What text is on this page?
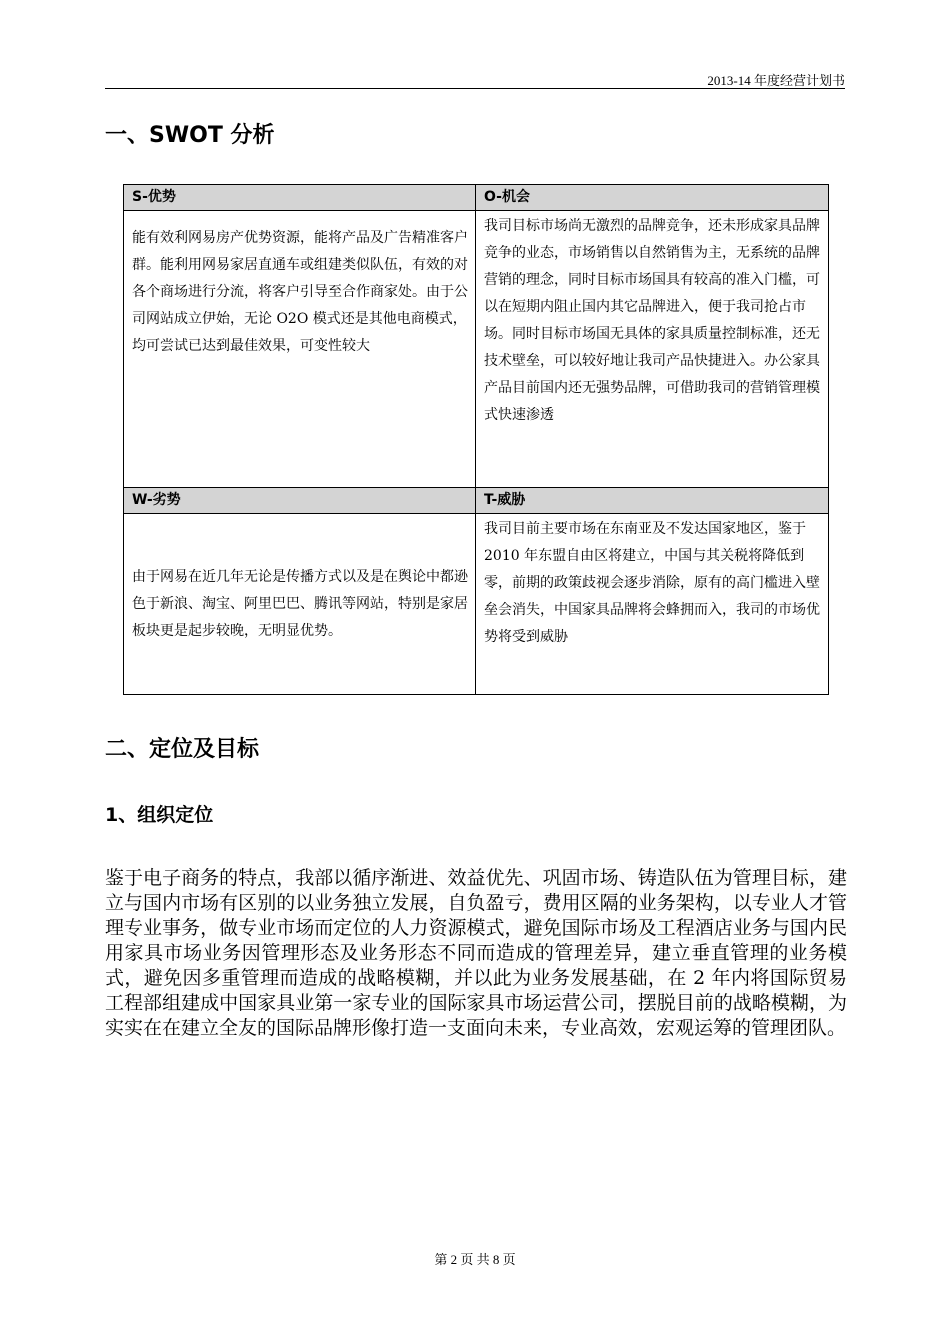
2013-14 年度经营计划书
一、SWOT 分析
S-优势	O-机会
能有效利网易房产优势资源，能将产品及广告精准客户群。能利用网易家居直通车或组建类似队伍，有效的对各个商场进行分流，将客户引导至合作商家处。由于公司网站成立伊始，无论 O2O 模式还是其他电商模式，均可尝试已达到最佳效果，可变性较大	我司目标市场尚无激烈的品牌竞争，还未形成家具品牌竞争的业态，市场销售以自然销售为主，无系统的品牌营销的理念，同时目标市场国具有较高的准入门槛，可以在短期内阻止国内其它品牌进入，便于我司抢占市场。同时目标市场国无具体的家具质量控制标准，还无技术壁垒，可以较好地让我司产品快捷进入。办公家具产品目前国内还无强势品牌，可借助我司的营销管理模式快速渗透
W-劣势	T-威胁
由于网易在近几年无论是传播方式以及是在舆论中都逊色于新浪、淘宝、阿里巴巴、腾讯等网站，特别是家居板块更是起步较晚，无明显优势。	我司目前主要市场在东南亚及不发达国家地区，鉴于 2010 年东盟自由区将建立，中国与其关税将降低到零，前期的政策歧视会逐步消除，原有的高门槛进入壁垒会消失，中国家具品牌将会蜂拥而入，我司的市场优势将受到威胁
二、定位及目标
1、组织定位
鉴于电子商务的特点，我部以循序渐进、效益优先、巩固市场、铸造队伍为管理目标，建立与国内市场有区别的以业务独立发展，自负盈亏，费用区隔的业务架构，以专业人才管理专业事务，做专业市场而定位的人力资源模式，避免国际市场及工程酒店业务与国内民用家具市场业务因管理形态及业务形态不同而造成的管理差异，建立垂直管理的业务模式，避免因多重管理而造成的战略模糊，并以此为业务发展基础，在 2 年内将国际贸易工程部组建成中国家具业第一家专业的国际家具市场运营公司，摆脱目前的战略模糊，为实实在在建立全友的国际品牌形像打造一支面向未来，专业高效，宏观运筹的管理团队。
第 2 页 共 8 页
